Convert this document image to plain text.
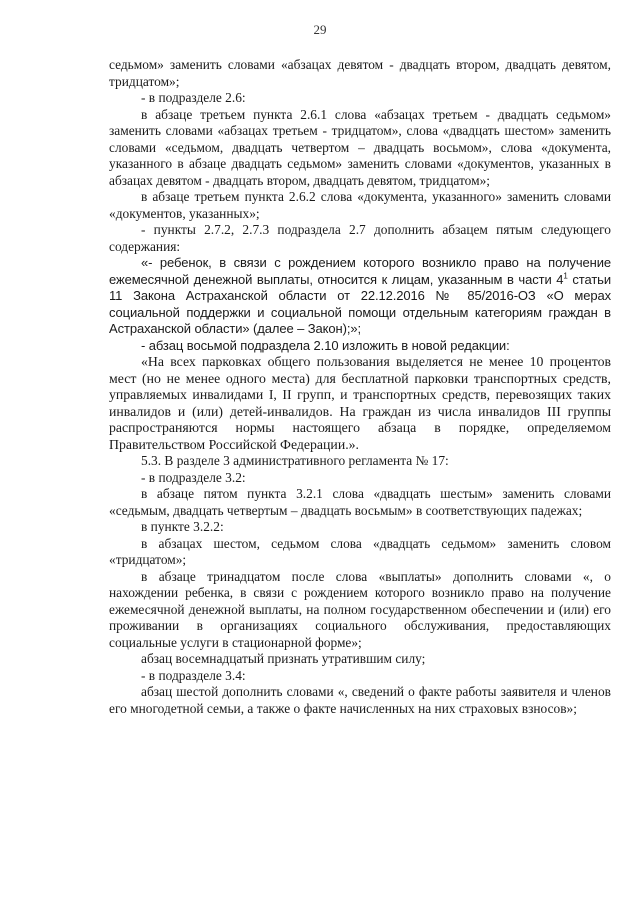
29

седьмом» заменить словами «абзацах девятом - двадцать втором, двадцать девятом, тридцатом»;

- в подразделе 2.6:

в абзаце третьем пункта 2.6.1 слова «абзацах третьем - двадцать седьмом» заменить словами «абзацах третьем - тридцатом», слова «двадцать шестом» заменить словами «седьмом, двадцать четвертом – двадцать восьмом», слова «документа, указанного в абзаце двадцать седьмом» заменить словами «документов, указанных в абзацах девятом - двадцать втором, двадцать девятом, тридцатом»;

в абзаце третьем пункта 2.6.2 слова «документа, указанного» заменить словами «документов, указанных»;

- пункты 2.7.2, 2.7.3 подраздела 2.7 дополнить абзацем пятым следующего содержания:

«- ребенок, в связи с рождением которого возникло право на получение ежемесячной денежной выплаты, относится к лицам, указанным в части $4^1$ статьи 11 Закона Астраханской области от 22.12.2016 № 85/2016-ОЗ «О мерах социальной поддержки и социальной помощи отдельным категориям граждан в Астраханской области» (далее – Закон);»;

- абзац восьмой подраздела 2.10 изложить в новой редакции:

«На всех парковках общего пользования выделяется не менее 10 процентов мест (но не менее одного места) для бесплатной парковки транспортных средств, управляемых инвалидами I, II групп, и транспортных средств, перевозящих таких инвалидов и (или) детей-инвалидов. На граждан из числа инвалидов III группы распространяются нормы настоящего абзаца в порядке, определяемом Правительством Российской Федерации.».

5.3. В разделе 3 административного регламента № 17:

- в подразделе 3.2:

в абзаце пятом пункта 3.2.1 слова «двадцать шестым» заменить словами «седьмым, двадцать четвертым – двадцать восьмым» в соответствующих падежах;

в пункте 3.2.2:

в абзацах шестом, седьмом слова «двадцать седьмом» заменить словом «тридцатом»;

в абзаце тринадцатом после слова «выплаты» дополнить словами «, о нахождении ребенка, в связи с рождением которого возникло право на получение ежемесячной денежной выплаты, на полном государственном обеспечении и (или) его проживании в организациях социального обслуживания, предоставляющих социальные услуги в стационарной форме»;

абзац восемнадцатый признать утратившим силу;

- в подразделе 3.4:

абзац шестой дополнить словами «, сведений о факте работы заявителя и членов его многодетной семьи, а также о факте начисленных на них страховых взносов»;
